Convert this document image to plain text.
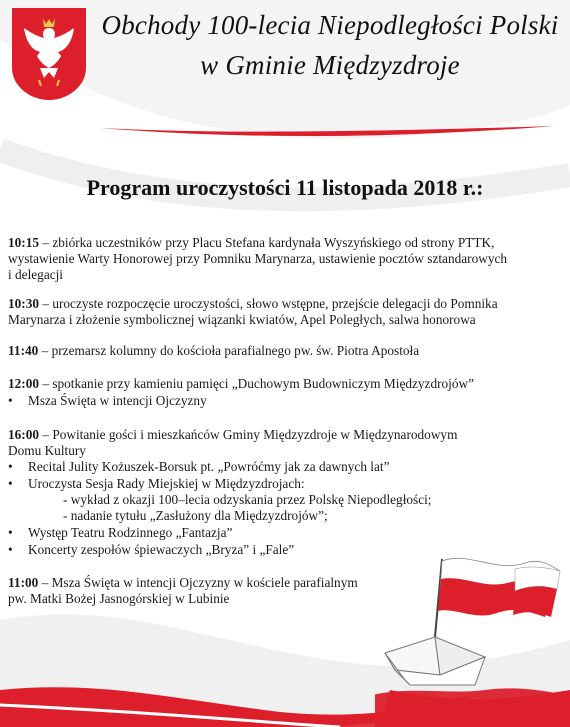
Obchody 100-lecia Niepodległości Polski
w Gminie Międzyzdroje
Program uroczystości 11 listopada 2018 r.:
10:15 – zbiórka uczestników przy Placu Stefana kardynała Wyszyńskiego od strony PTTK,
wystawienie Warty Honorowej przy Pomniku Marynarza, ustawienie pocztów sztandarowych
i delegacji
10:30 – uroczyste rozpoczęcie uroczystości, słowo wstępne, przejście delegacji do Pomnika
Marynarza i złożenie symbolicznej wiązanki kwiatów, Apel Poległych, salwa honorowa
11:40 – przemarsz kolumny do kościoła parafialnego pw. św. Piotra Apostoła
12:00 – spotkanie przy kamieniu pamięci „Duchowym Budowniczym Międzyzdrojów”
• Msza Święta w intencji Ojczyzny
16:00 – Powitanie gości i mieszkańców Gminy Międzyzdroje w Międzynarodowym
Domu Kultury
• Recital Julity Kożuszek-Borsuk pt. „Powróćmy jak za dawnych lat”
• Uroczysta Sesja Rady Miejskiej w Międzyzdrojach:
- wykład z okazji 100–lecia odzyskania przez Polskę Niepodległości;
- nadanie tytułu „Zasłużony dla Międzyzdrojów”;
• Występ Teatru Rodzinnego „Fantazja”
• Koncerty zespołów śpiewaczych „Bryza” i „Fale”
11:00 – Msza Święta w intencji Ojczyzny w kościele parafialnym
pw. Matki Bożej Jasnogórskiej w Lubinie
